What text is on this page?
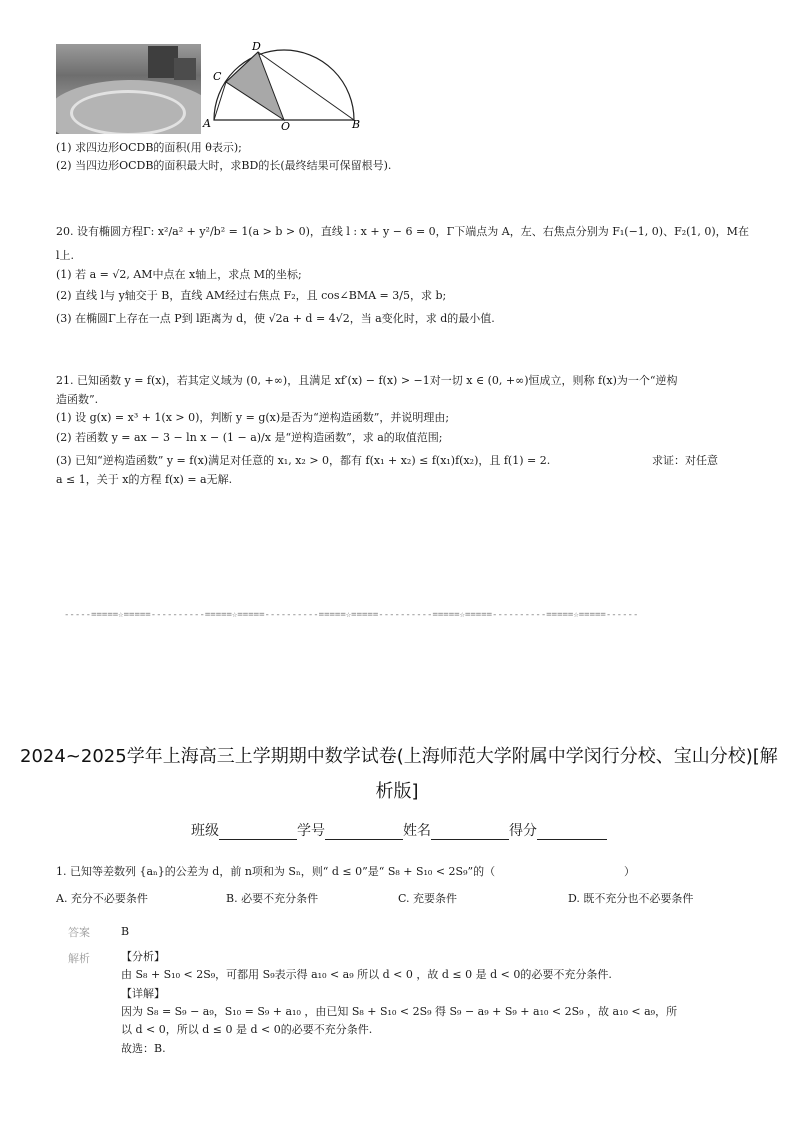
A	B
C
D
O
(1) 求四边形OCDB的面积(用 θ表示);
(2) 当四边形OCDB的面积最大时，求BD的长(最终结果可保留根号).
20. 设有椭圆方程Γ: x²/a² + y²/b² = 1(a > b > 0)，直线 l : x + y − 6 = 0，Γ下端点为 A，左、右焦点分别为 F₁(−1, 0)、F₂(1, 0)，M在
l上.
(1) 若 a = √2, AM中点在 x轴上，求点 M的坐标;
(2) 直线 l与 y轴交于 B，直线 AM经过右焦点 F₂，且 cos∠BMA = 3/5，求 b;
(3) 在椭圆Γ上存在一点 P到 l距离为 d，使 √2a + d = 4√2，当 a变化时，求 d的最小值.
21. 已知函数 y = f(x)，若其定义域为 (0, +∞)，且满足 xf′(x) − f(x) > −1对一切 x ∈ (0, +∞)恒成立，则称 f(x)为一个“逆构
造函数”.
(1) 设 g(x) = x³ + 1(x > 0)，判断 y = g(x)是否为“逆构造函数”，并说明理由;
(2) 若函数 y = ax − 3 − ln x − (1 − a)/x 是“逆构造函数”，求 a的取值范围;
(3) 已知“逆构造函数” y = f(x)满足对任意的 x₁, x₂ > 0，都有 f(x₁ + x₂) ≤ f(x₁)f(x₂)，且 f(1) = 2.	求证：对任意
a ≤ 1，关于 x的方程 f(x) = a无解.
-----=====☆=====----------=====☆=====----------=====☆=====----------=====☆=====----------=====☆=====------
2024~2025学年上海高三上学期期中数学试卷(上海师范大学附属中学闵行分校、宝山分校)[解
析版]
班级	学号	姓名	得分
1. 已知等差数列 {aₙ}的公差为 d，前 n项和为 Sₙ，则“ d ≤ 0”是“ S₈ + S₁₀ < 2S₉”的（	）
A. 充分不必要条件	B. 必要不充分条件	C. 充要条件	D. 既不充分也不必要条件
答案	B
解析	【分析】
由 S₈ + S₁₀ < 2S₉，可都用 S₉表示得 a₁₀ < a₉ 所以 d < 0 ，故 d ≤ 0 是 d < 0的必要不充分条件.
【详解】
因为 S₈ = S₉ − a₉，S₁₀ = S₉ + a₁₀ ，由已知 S₈ + S₁₀ < 2S₉ 得 S₉ − a₉ + S₉ + a₁₀ < 2S₉ ，故 a₁₀ < a₉，所
以 d < 0，所以 d ≤ 0 是 d < 0的必要不充分条件.
故选：B.
